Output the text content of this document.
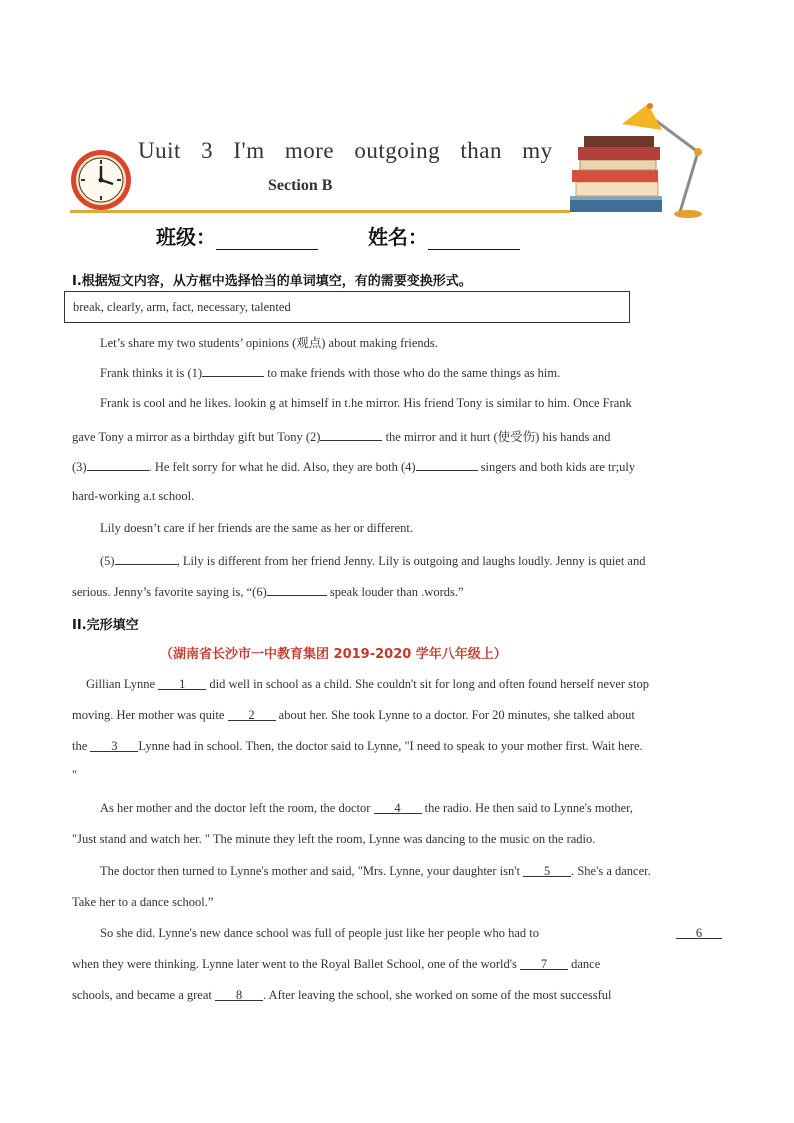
Uuit 3 I'm more outgoing than my
Section B
班级：	姓名：
I.根据短文内容，从方框中选择恰当的单词填空，有的需要变换形式。
break, clearly, arm, fact, necessary, talented
Let’s share my two students’ opinions (观点) about making friends.
Frank thinks it is (1)	to make friends with those who do the same things as him.
Frank is cool and he likes. lookin g at himself in t.he mirror. His friend Tony is similar to him. Once Frank
gave Tony a mirror as a birthday gift but Tony (2)	the mirror and it hurt (使受伤) his hands and
(3)	. He felt sorry for what he did. Also, they are both (4)	singers and both kids are tr;uly
hard-working a.t school.
Lily doesn’t care if her friends are the same as her or different.
(5)	, Lily is different from her friend Jenny. Lily is outgoing and laughs loudly. Jenny is quiet and
serious. Jenny’s favorite saying is, “(6)	speak louder than .words.”
II.完形填空
（湖南省长沙市一中教育集团 2019-2020 学年八年级上）
Gillian Lynne 1 did well in school as a child. She couldn't sit for long and often found herself never stop
moving. Her mother was quite 2 about her. She took Lynne to a doctor. For 20 minutes, she talked about
the 3 Lynne had in school. Then, the doctor said to Lynne, "I need to speak to your mother first. Wait here.
"
As her mother and the doctor left the room, the doctor 4 the radio. He then said to Lynne's mother,
"Just stand and watch her. " The minute they left the room, Lynne was dancing to the music on the radio.
The doctor then turned to Lynne's mother and said, "Mrs. Lynne, your daughter isn't 5 . She's a dancer.
Take her to a dance school.”
So she did. Lynne's new dance school was full of people just like her people who had to	6
when they were thinking. Lynne later went to the Royal Ballet School, one of the world's 7 dance
schools, and became a great 8 . After leaving the school, she worked on some of the most successful
